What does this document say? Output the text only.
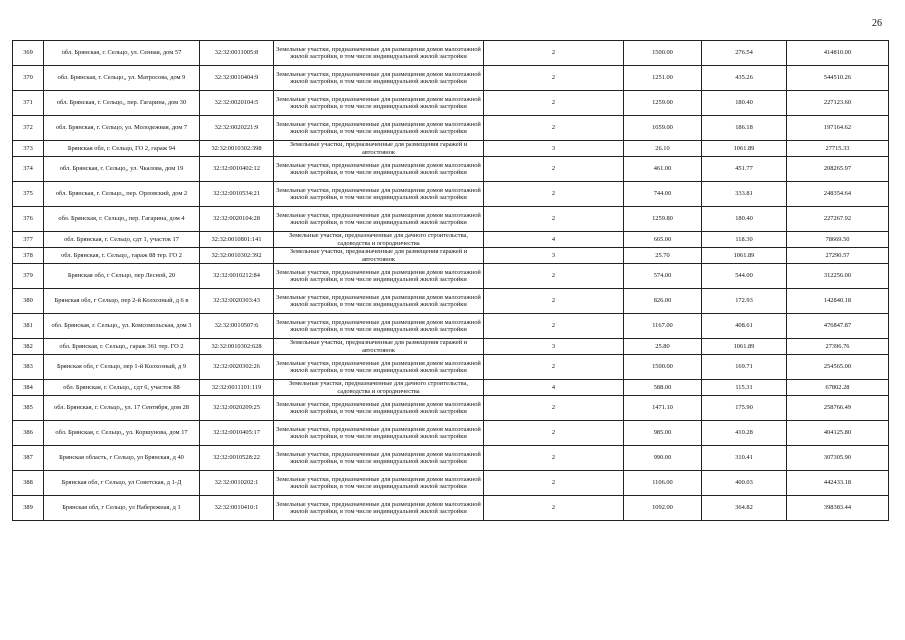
26
369	обл. Брянская, г. Сельцо, ул. Сенная, дом 57	32:32:0011005:8	Земельные участки, предназначенные для размещения домов малоэтажной жилой застройки, в том числе индивидуальной жилой застройки	2	1500.00	276.54	414810.00
370	обл. Брянская, г. Сельцо,, ул. Матросова, дом 9	32:32:0010404:9	Земельные участки, предназначенные для размещения домов малоэтажной жилой застройки, в том числе индивидуальной жилой застройки	2	1251.00	435.26	544510.26
371	обл. Брянская, г. Сельцо,, пер. Гагарина, дом 30	32:32:0020104:5	Земельные участки, предназначенные для размещения домов малоэтажной жилой застройки, в том числе индивидуальной жилой застройки	2	1259.00	180.40	227123.60
372	обл. Брянская, г. Сельцо, ул. Молодежная, дом 7	32:32:0020221:9	Земельные участки, предназначенные для размещения домов малоэтажной жилой застройки, в том числе индивидуальной жилой застройки	2	1059.00	186.18	197164.62
373	Брянская обл, г. Сельцо, ГО 2, гараж 94	32:32:0010302:398	Земельные участки, предназначенные для размещения гаражей и автостоянок	3	26.10	1061.89	27715.33
374	обл. Брянская, г. Сельцо,, ул. Чкалова, дом 19	32:32:0010402:12	Земельные участки, предназначенные для размещения домов малоэтажной жилой застройки, в том числе индивидуальной жилой застройки	2	461.00	451.77	208265.97
375	обл. Брянская, г. Сельцо,, пер. Орловский, дом 2	32:32:0010534:21	Земельные участки, предназначенные для размещения домов малоэтажной жилой застройки, в том числе индивидуальной жилой застройки	2	744.00	333.81	248354.64
376	обл. Брянская, г. Сельцо,, пер. Гагарина, дом 4	32:32:0020104:28	Земельные участки, предназначенные для размещения домов малоэтажной жилой застройки, в том числе индивидуальной жилой застройки	2	1259.80	180.40	227267.92
377	обл. Брянская, г. Сельцо, сдт 1, участок 17	32:32:0010801:141	Земельные участки, предназначенные для дачного строительства, садоводства и огородничества	4	665.00	118.30	78669.50
378	обл. Брянская, г. Сельцо,, гараж 88 тер. ГО 2	32:32:0010302:392	Земельные участки, предназначенные для размещения гаражей и автостоянок	3	25.70	1061.89	27290.57
379	Брянская обл, г Сельцо, пер Лесной, 20	32:32:0010212:84	Земельные участки, предназначенные для размещения домов малоэтажной жилой застройки, в том числе индивидуальной жилой застройки	2	574.00	544.00	312256.00
380	Брянская обл, г Сельцо, пер 2-й Колхозный, д 6 в	32:32:0020303:43	Земельные участки, предназначенные для размещения домов малоэтажной жилой застройки, в том числе индивидуальной жилой застройки	2	826.00	172.93	142840.18
381	обл. Брянская, г. Сельцо,, ул. Комсомольская, дом 3	32:32:0010507:6	Земельные участки, предназначенные для размещения домов малоэтажной жилой застройки, в том числе индивидуальной жилой застройки	2	1167.00	408.61	476847.87
382	обл. Брянская, г. Сельцо,, гараж 361 тер. ГО 2	32:32:0010302:628	Земельные участки, предназначенные для размещения гаражей и автостоянок	3	25.80	1061.89	27396.76
383	Брянская обл, г Сельцо, пер 1-й Колхозный, д 9	32:32:0020302:26	Земельные участки, предназначенные для размещения домов малоэтажной жилой застройки, в том числе индивидуальной жилой застройки	2	1500.00	169.71	254565.00
384	обл. Брянская, г. Сельцо,, сдт 6, участок 88	32:32:0011101:119	Земельные участки, предназначенные для дачного строительства, садоводства и огородничества	4	588.00	115.31	67802.28
385	обл. Брянская, г. Сельцо,, ул. 17 Сентября, дом 28	32:32:0020209:25	Земельные участки, предназначенные для размещения домов малоэтажной жилой застройки, в том числе индивидуальной жилой застройки	2	1471.10	175.90	258766.49
386	обл. Брянская, г. Сельцо,, ул. Коршунова, дом 17	32:32:0010405:17	Земельные участки, предназначенные для размещения домов малоэтажной жилой застройки, в том числе индивидуальной жилой застройки	2	985.00	410.28	404125.80
387	Брянская область, г Сельцо, ул Брянская, д 40	32:32:0010528:22	Земельные участки, предназначенные для размещения домов малоэтажной жилой застройки, в том числе индивидуальной жилой застройки	2	990.00	310.41	307305.90
388	Брянская обл, г Сельцо, ул Советская, д 1-Д	32:32:0010202:1	Земельные участки, предназначенные для размещения домов малоэтажной жилой застройки, в том числе индивидуальной жилой застройки	2	1106.00	400.03	442433.18
389	Брянская обл, г Сельцо, ул Набережная, д 1	32:32:0010410:1	Земельные участки, предназначенные для размещения домов малоэтажной жилой застройки, в том числе индивидуальной жилой застройки	2	1092.00	364.82	398383.44
